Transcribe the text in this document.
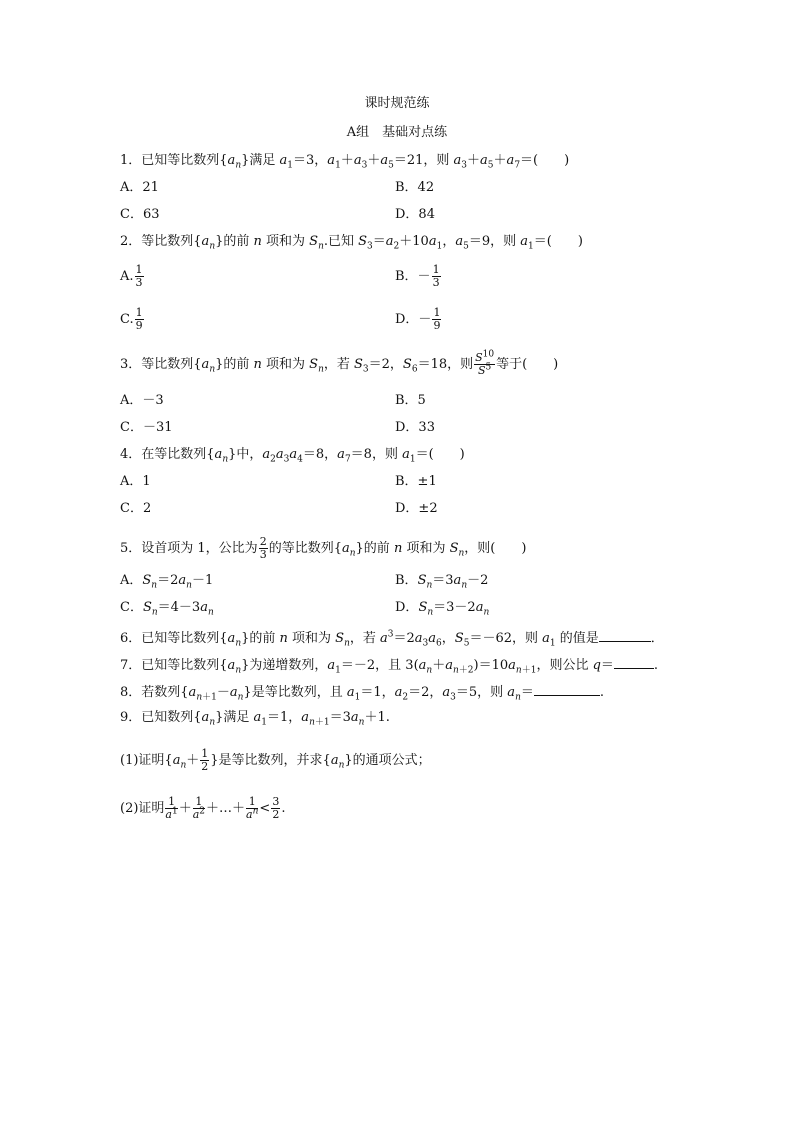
课时规范练
A组　基础对点练
1．已知等比数列$\{a_n\}$满足 $a_1=3$，$a_1+a_3+a_5=21$，则 $a_3+a_5+a_7=$(　　)
A．21	B．42
C．63	D．84
2．等比数列$\{a_n\}$的前 n 项和为 $S_n$.已知 $S_3=a_2+10a_1$，$a_5=9$，则 $a_1=$(　　)
A. $\frac{1}{3}$	B．－ $\frac{1}{3}$
C. $\frac{1}{9}$	D．－ $\frac{1}{9}$
3．等比数列$\{a_n\}$的前 n 项和为 $S_n$，若 $S_3=2$，$S_6=18$，则 $\frac{S^{10}}{S^5}$ 等于(　　)
A．－3	B．5
C．－31	D．33
4．在等比数列$\{a_n\}$中，$a_2a_3a_4=8$，$a_7=8$，则 $a_1=$(　　)
A．1	B．±1
C．2	D．±2
5．设首项为 1，公比为 $\frac{2}{3}$ 的等比数列$\{a_n\}$的前 n 项和为 $S_n$，则(　　)
A．$S_n=2a_n-1$	B．$S_n=3a_n-2$
C．$S_n=4-3a_n$	D．$S_n=3-2a_n$
6．已知等比数列$\{a_n\}$的前 n 项和为 $S_n$，若 $a^3=2a_3a_6$，$S_5=-62$，则 $a_1$ 的值是	．
7．已知等比数列$\{a_n\}$为递增数列，$a_1=-2$，且 $3(a_n+a_{n+2})=10a_{n+1}$，则公比 q＝	.
8．若数列$\{a_{n+1}-a_n\}$是等比数列，且 $a_1=1$，$a_2=2$，$a_3=5$，则 $a_n=$	.
9．已知数列$\{a_n\}$满足 $a_1=1$，$a_{n+1}=3a_n+1$.
(1)证明{$a_n+ \frac{1}{2}$ }是等比数列，并求$\{a_n\}$的通项公式；
(2)证明 $\frac{1}{a^1} + \frac{1}{a^2}$ ＋…＋ $\frac{1}{a^n} < \frac{3}{2}$ .
